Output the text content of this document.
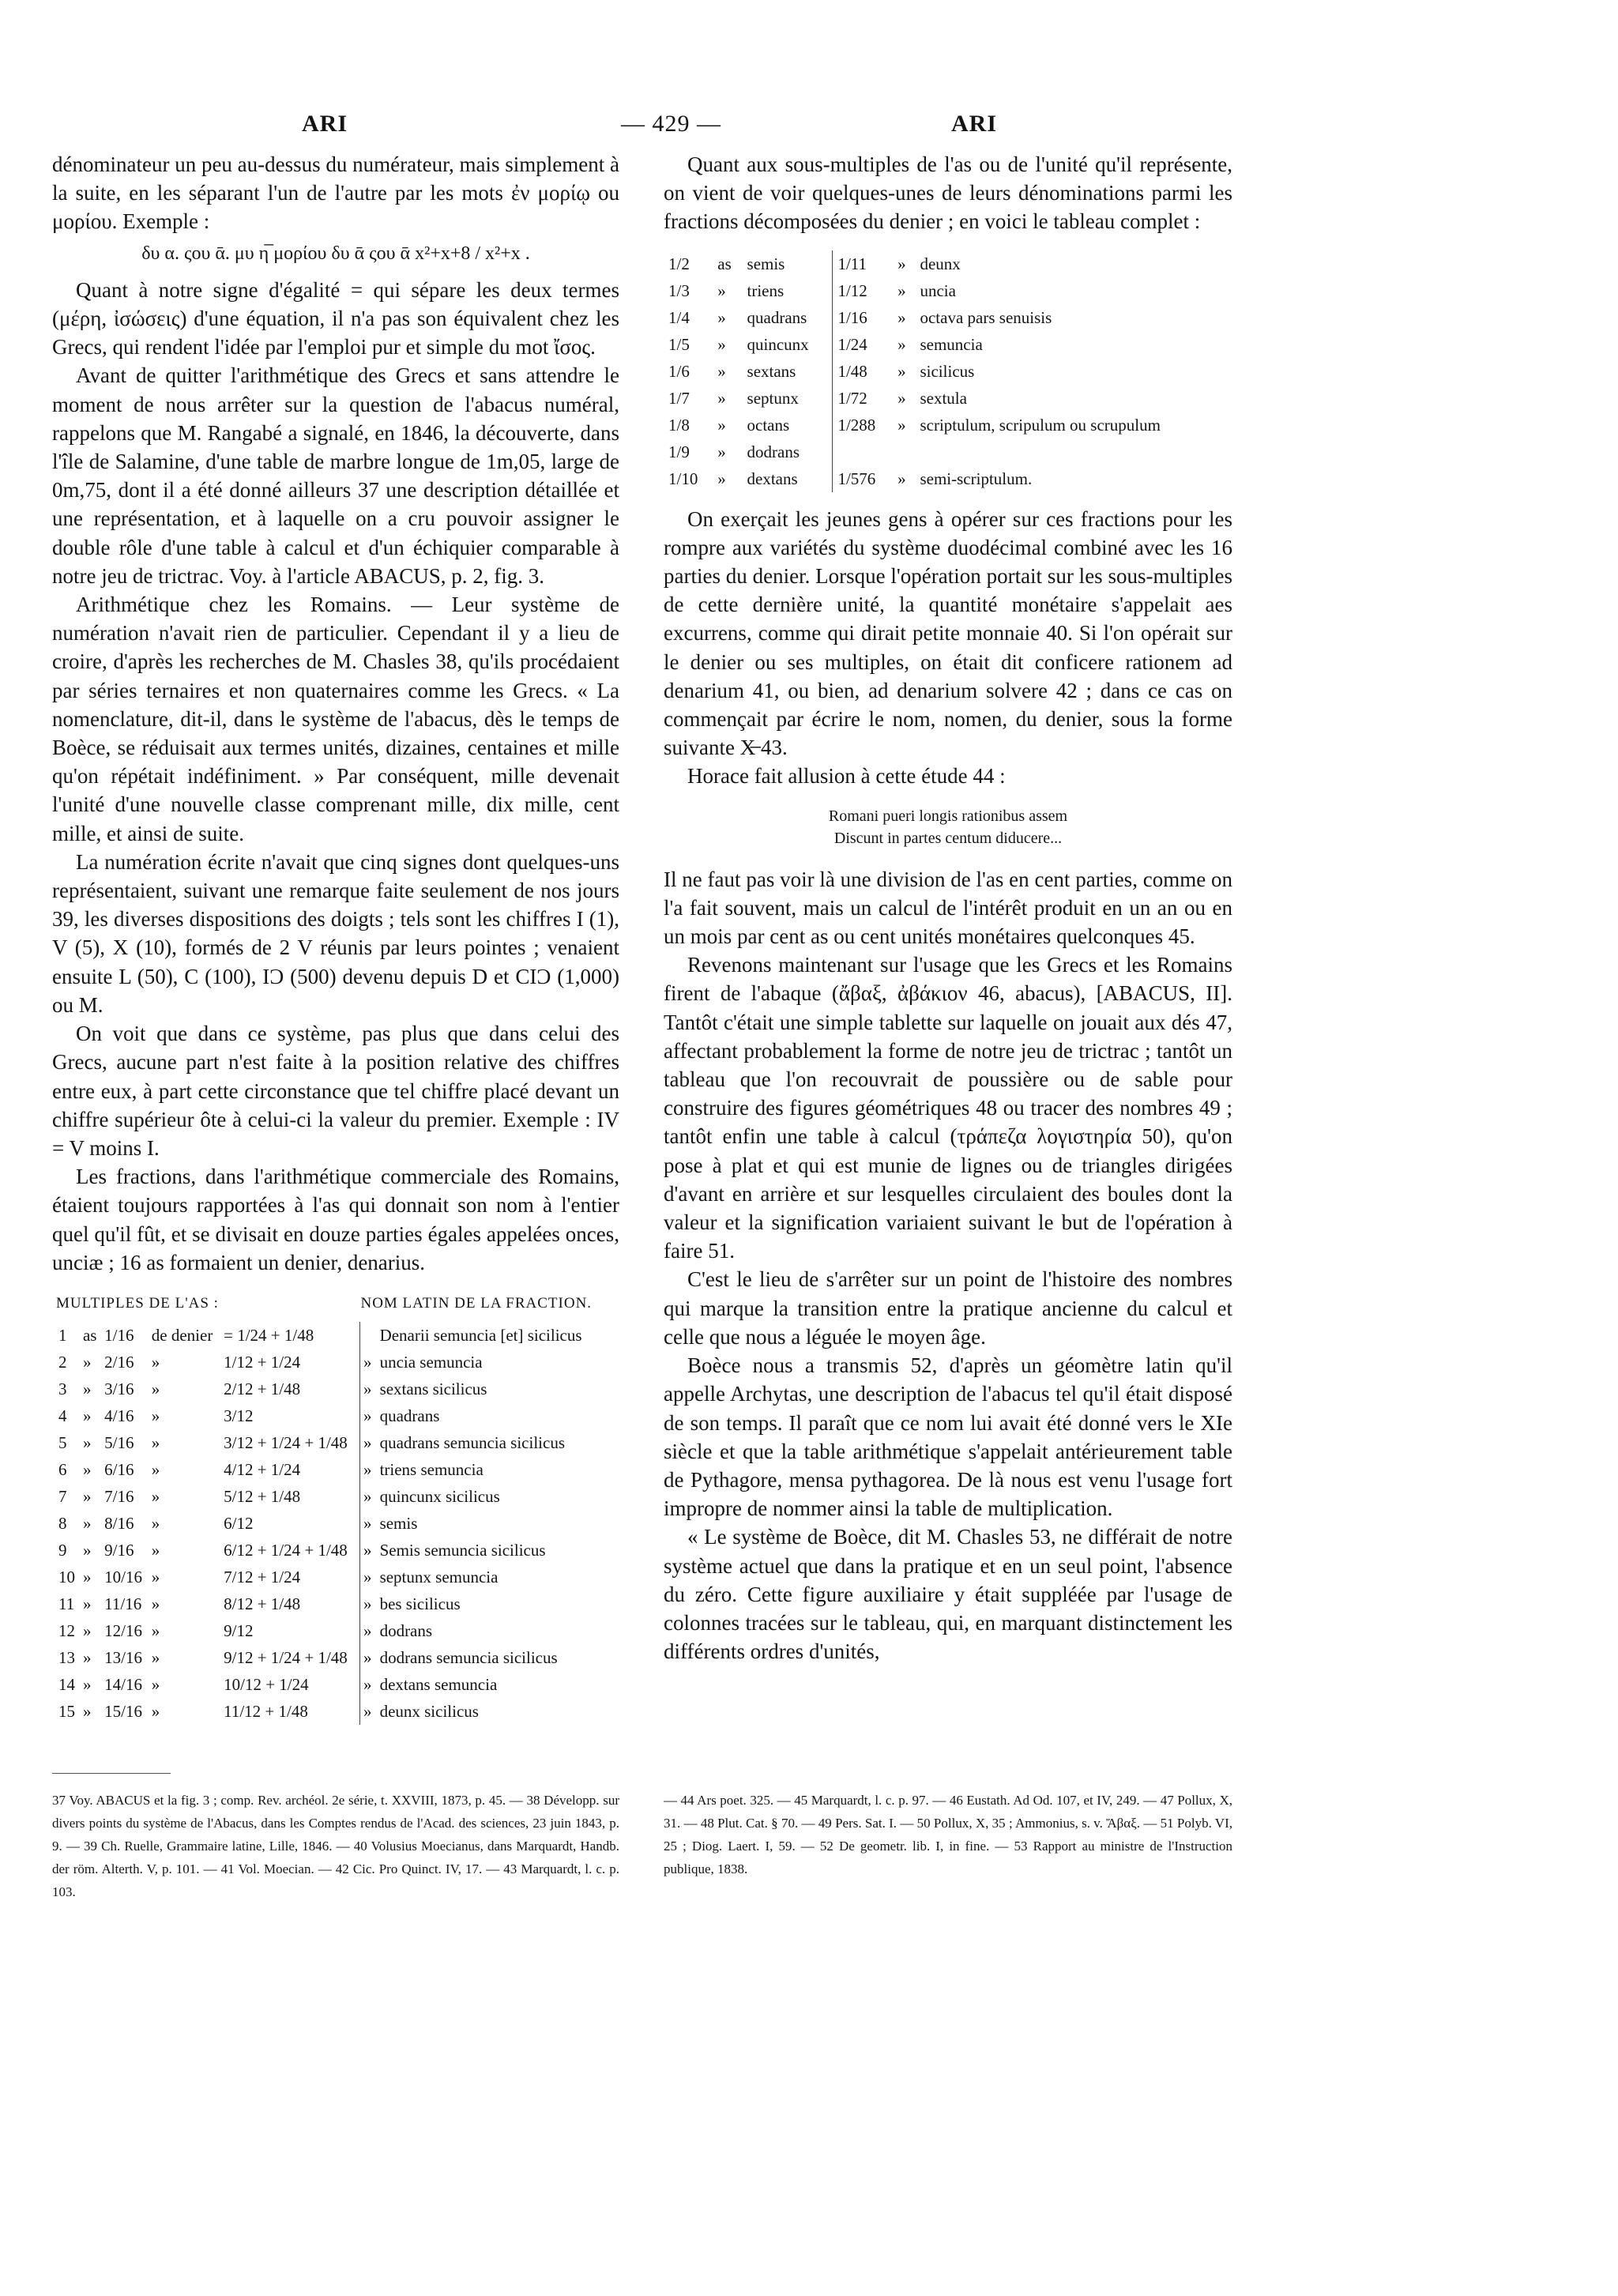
ARI	— 429 —	ARI

dénominateur un peu au-dessus du numérateur, mais simplement à la suite, en les séparant l'un de l'autre par les mots ἐν μορίῳ ou μορίου. Exemple :

δυ α. ςου ᾱ. μυ η̅ μορίου δυ ᾱ ςου ᾱ x²+x+8 / x²+x .

Quant à notre signe d'égalité = qui sépare les deux termes (μέρη, ἰσώσεις) d'une équation, il n'a pas son équivalent chez les Grecs, qui rendent l'idée par l'emploi pur et simple du mot ἴσος.

Avant de quitter l'arithmétique des Grecs et sans attendre le moment de nous arrêter sur la question de l'abacus numéral, rappelons que M. Rangabé a signalé, en 1846, la découverte, dans l'île de Salamine, d'une table de marbre longue de 1m,05, large de 0m,75, dont il a été donné ailleurs 37 une description détaillée et une représentation, et à laquelle on a cru pouvoir assigner le double rôle d'une table à calcul et d'un échiquier comparable à notre jeu de trictrac. Voy. à l'article ABACUS, p. 2, fig. 3.

Arithmétique chez les Romains. — Leur système de numération n'avait rien de particulier. Cependant il y a lieu de croire, d'après les recherches de M. Chasles 38, qu'ils procédaient par séries ternaires et non quaternaires comme les Grecs. « La nomenclature, dit-il, dans le système de l'abacus, dès le temps de Boèce, se réduisait aux termes unités, dizaines, centaines et mille qu'on répétait indéfiniment. » Par conséquent, mille devenait l'unité d'une nouvelle classe comprenant mille, dix mille, cent mille, et ainsi de suite.

La numération écrite n'avait que cinq signes dont quelques-uns représentaient, suivant une remarque faite seulement de nos jours 39, les diverses dispositions des doigts ; tels sont les chiffres I (1), V (5), X (10), formés de 2 V réunis par leurs pointes ; venaient ensuite L (50), C (100), IƆ (500) devenu depuis D et CIƆ (1,000) ou M.

On voit que dans ce système, pas plus que dans celui des Grecs, aucune part n'est faite à la position relative des chiffres entre eux, à part cette circonstance que tel chiffre placé devant un chiffre supérieur ôte à celui-ci la valeur du premier. Exemple : IV = V moins I.

Les fractions, dans l'arithmétique commerciale des Romains, étaient toujours rapportées à l'as qui donnait son nom à l'entier quel qu'il fût, et se divisait en douze parties égales appelées onces, unciæ ; 16 as formaient un denier, denarius.

MULTIPLES DE L'AS :					NOM LATIN DE LA FRACTION.	
1	as	1/16	de denier	= 1/24 + 1/48		Denarii semuncia [et] sicilicus
2	»	2/16	»	1/12 + 1/24	»	uncia semuncia
3	»	3/16	»	2/12 + 1/48	»	sextans sicilicus
4	»	4/16	»	3/12	»	quadrans
5	»	5/16	»	3/12 + 1/24 + 1/48	»	quadrans semuncia sicilicus
6	»	6/16	»	4/12 + 1/24	»	triens semuncia
7	»	7/16	»	5/12 + 1/48	»	quincunx sicilicus
8	»	8/16	»	6/12	»	semis
9	»	9/16	»	6/12 + 1/24 + 1/48	»	Semis semuncia sicilicus
10	»	10/16	»	7/12 + 1/24	»	septunx semuncia
11	»	11/16	»	8/12 + 1/48	»	bes sicilicus
12	»	12/16	»	9/12	»	dodrans
13	»	13/16	»	9/12 + 1/24 + 1/48	»	dodrans semuncia sicilicus
14	»	14/16	»	10/12 + 1/24	»	dextans semuncia
15	»	15/16	»	11/12 + 1/48	»	deunx sicilicus

Quant aux sous-multiples de l'as ou de l'unité qu'il représente, on vient de voir quelques-unes de leurs dénominations parmi les fractions décomposées du denier ; en voici le tableau complet :

1/2	as	semis	1/11	»	deunx
1/3	»	triens	1/12	»	uncia
1/4	»	quadrans	1/16	»	octava pars senuisis
1/5	»	quincunx	1/24	»	semuncia
1/6	»	sextans	1/48	»	sicilicus
1/7	»	septunx	1/72	»	sextula
1/8	»	octans	1/288	»	scriptulum, scripulum ou scrupulum
1/9	»	dodrans			
1/10	»	dextans	1/576	»	semi-scriptulum.

On exerçait les jeunes gens à opérer sur ces fractions pour les rompre aux variétés du système duodécimal combiné avec les 16 parties du denier. Lorsque l'opération portait sur les sous-multiples de cette dernière unité, la quantité monétaire s'appelait aes excurrens, comme qui dirait petite monnaie 40. Si l'on opérait sur le denier ou ses multiples, on était dit conficere rationem ad denarium 41, ou bien, ad denarium solvere 42 ; dans ce cas on commençait par écrire le nom, nomen, du denier, sous la forme suivante X̶ 43.

Horace fait allusion à cette étude 44 :

Romani pueri longis rationibus assem
Discunt in partes centum diducere...

Il ne faut pas voir là une division de l'as en cent parties, comme on l'a fait souvent, mais un calcul de l'intérêt produit en un an ou en un mois par cent as ou cent unités monétaires quelconques 45.

Revenons maintenant sur l'usage que les Grecs et les Romains firent de l'abaque (ἄβαξ, ἀβάκιον 46, abacus), [ABACUS, II]. Tantôt c'était une simple tablette sur laquelle on jouait aux dés 47, affectant probablement la forme de notre jeu de trictrac ; tantôt un tableau que l'on recouvrait de poussière ou de sable pour construire des figures géométriques 48 ou tracer des nombres 49 ; tantôt enfin une table à calcul (τράπεζα λογιστηρία 50), qu'on pose à plat et qui est munie de lignes ou de triangles dirigées d'avant en arrière et sur lesquelles circulaient des boules dont la valeur et la signification variaient suivant le but de l'opération à faire 51.

C'est le lieu de s'arrêter sur un point de l'histoire des nombres qui marque la transition entre la pratique ancienne du calcul et celle que nous a léguée le moyen âge.

Boèce nous a transmis 52, d'après un géomètre latin qu'il appelle Archytas, une description de l'abacus tel qu'il était disposé de son temps. Il paraît que ce nom lui avait été donné vers le XIe siècle et que la table arithmétique s'appelait antérieurement table de Pythagore, mensa pythagorea. De là nous est venu l'usage fort impropre de nommer ainsi la table de multiplication.

« Le système de Boèce, dit M. Chasles 53, ne différait de notre système actuel que dans la pratique et en un seul point, l'absence du zéro. Cette figure auxiliaire y était suppléée par l'usage de colonnes tracées sur le tableau, qui, en marquant distinctement les différents ordres d'unités,

37 Voy. ABACUS et la fig. 3 ; comp. Rev. archéol. 2e série, t. XXVIII, 1873, p. 45. — 38 Développ. sur divers points du système de l'Abacus, dans les Comptes rendus de l'Acad. des sciences, 23 juin 1843, p. 9. — 39 Ch. Ruelle, Grammaire latine, Lille, 1846. — 40 Volusius Moecianus, dans Marquardt, Handb. der röm. Alterth. V, p. 101. — 41 Vol. Moecian. — 42 Cic. Pro Quinct. IV, 17. — 43 Marquardt, l. c. p. 103.
— 44 Ars poet. 325. — 45 Marquardt, l. c. p. 97. — 46 Eustath. Ad Od. 107, et IV, 249. — 47 Pollux, X, 31. — 48 Plut. Cat. § 70. — 49 Pers. Sat. I. — 50 Pollux, X, 35 ; Ammonius, s. v. Ἄβαξ. — 51 Polyb. VI, 25 ; Diog. Laert. I, 59. — 52 De geometr. lib. I, in fine. — 53 Rapport au ministre de l'Instruction publique, 1838.
